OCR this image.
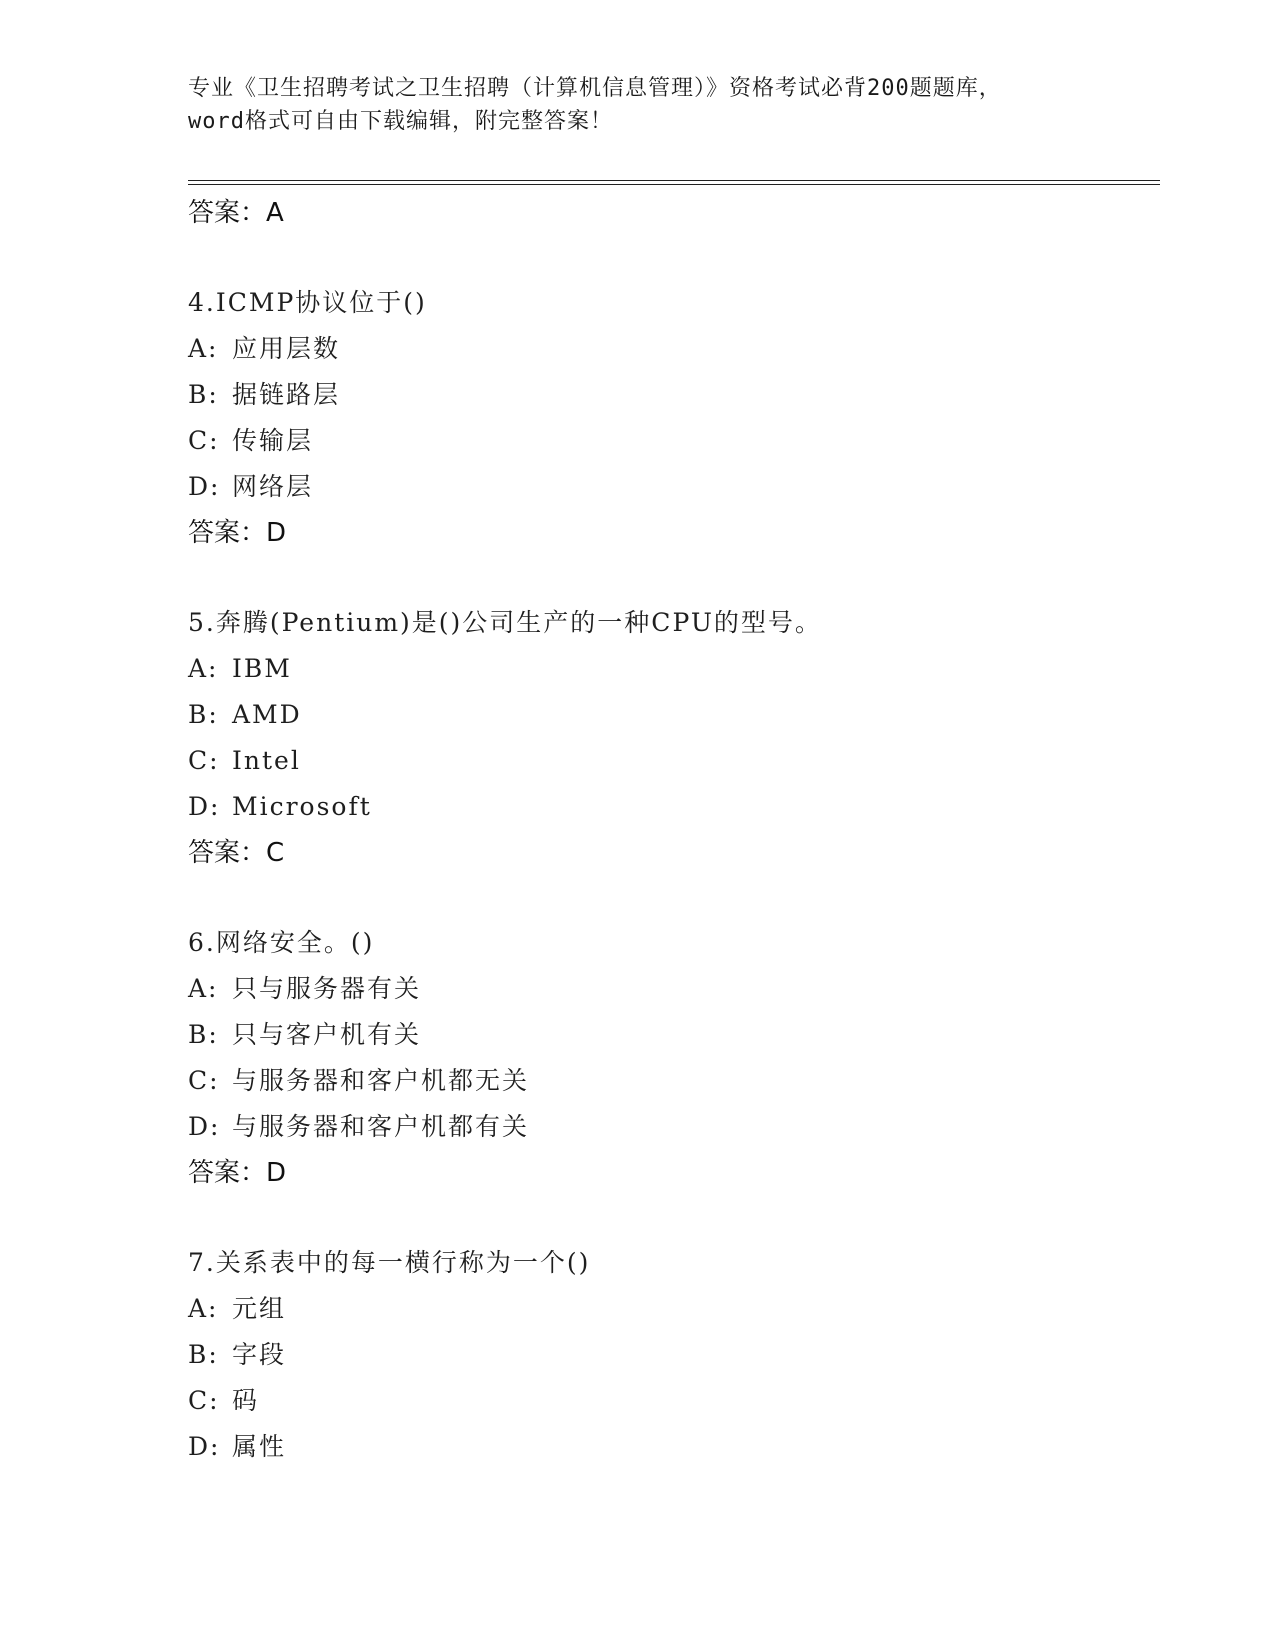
专业《卫生招聘考试之卫生招聘（计算机信息管理）》资格考试必背200题题库，
word格式可自由下载编辑，附完整答案！
答案：A
4.ICMP协议位于()
A: 应用层数
B: 据链路层
C: 传输层
D: 网络层
答案：D
5.奔腾(Pentium)是()公司生产的一种CPU的型号。
A: IBM
B: AMD
C: Intel
D: Microsoft
答案：C
6.网络安全。()
A: 只与服务器有关
B: 只与客户机有关
C: 与服务器和客户机都无关
D: 与服务器和客户机都有关
答案：D
7.关系表中的每一横行称为一个()
A: 元组
B: 字段
C: 码
D: 属性
